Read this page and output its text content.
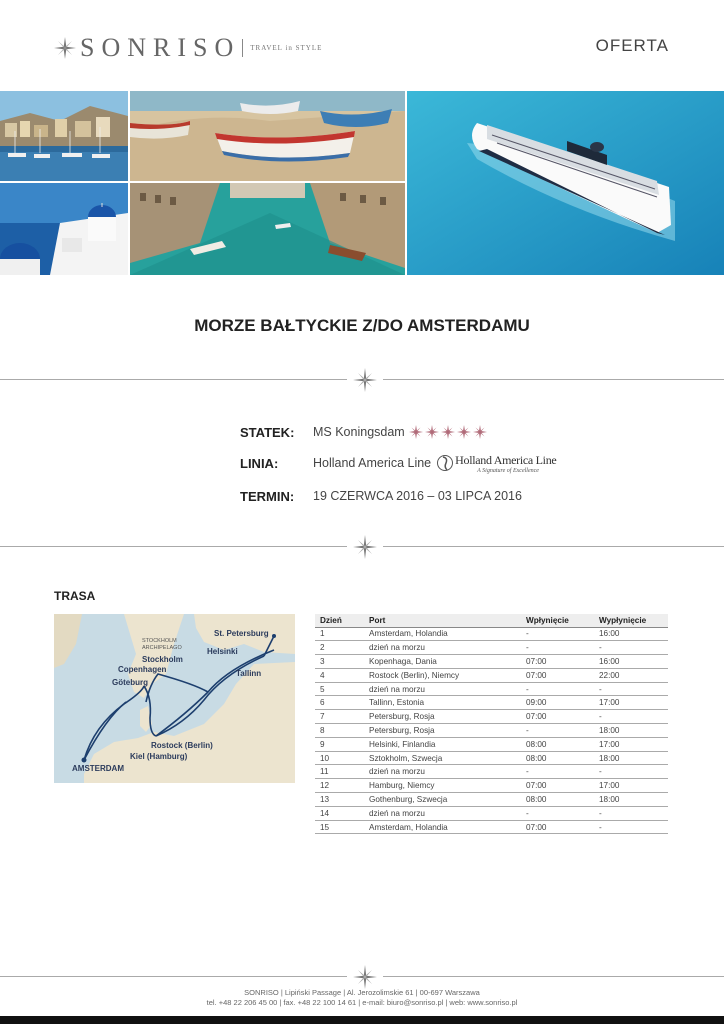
SONRISO TRAVEL in STYLE	OFERTA
MORZE BAŁTYCKIE Z/DO AMSTERDAMU
STATEK:	MS Koningsdam
LINIA:	Holland America Line Holland America Line
A Signature of Excellence
TERMIN:	19 CZERWCA 2016 – 03 LIPCA 2016
TRASA
St. Petersburg
Helsinki
Tallinn
Stockholm
Copenhagen
Göteburg
Rostock (Berlin)
Kiel (Hamburg)
AMSTERDAM
STOCKHOLM
ARCHIPELAGO
Dzień	Port	Wpłynięcie	Wypłynięcie
1	Amsterdam, Holandia	-	16:00
2	dzień na morzu	-	-
3	Kopenhaga, Dania	07:00	16:00
4	Rostock (Berlin), Niemcy	07:00	22:00
5	dzień na morzu	-	-
6	Tallinn, Estonia	09:00	17:00
7	Petersburg, Rosja	07:00	-
8	Petersburg, Rosja	-	18:00
9	Helsinki, Finlandia	08:00	17:00
10	Sztokholm, Szwecja	08:00	18:00
11	dzień na morzu	-	-
12	Hamburg, Niemcy	07:00	17:00
13	Gothenburg, Szwecja	08:00	18:00
14	dzień na morzu	-	-
15	Amsterdam, Holandia	07:00	-
SONRISO | Lipiński Passage | Al. Jerozolimskie 61 | 00-697 Warszawa
tel. +48 22 206 45 00 | fax. +48 22 100 14 61 | e-mail: biuro@sonriso.pl | web: www.sonriso.pl
